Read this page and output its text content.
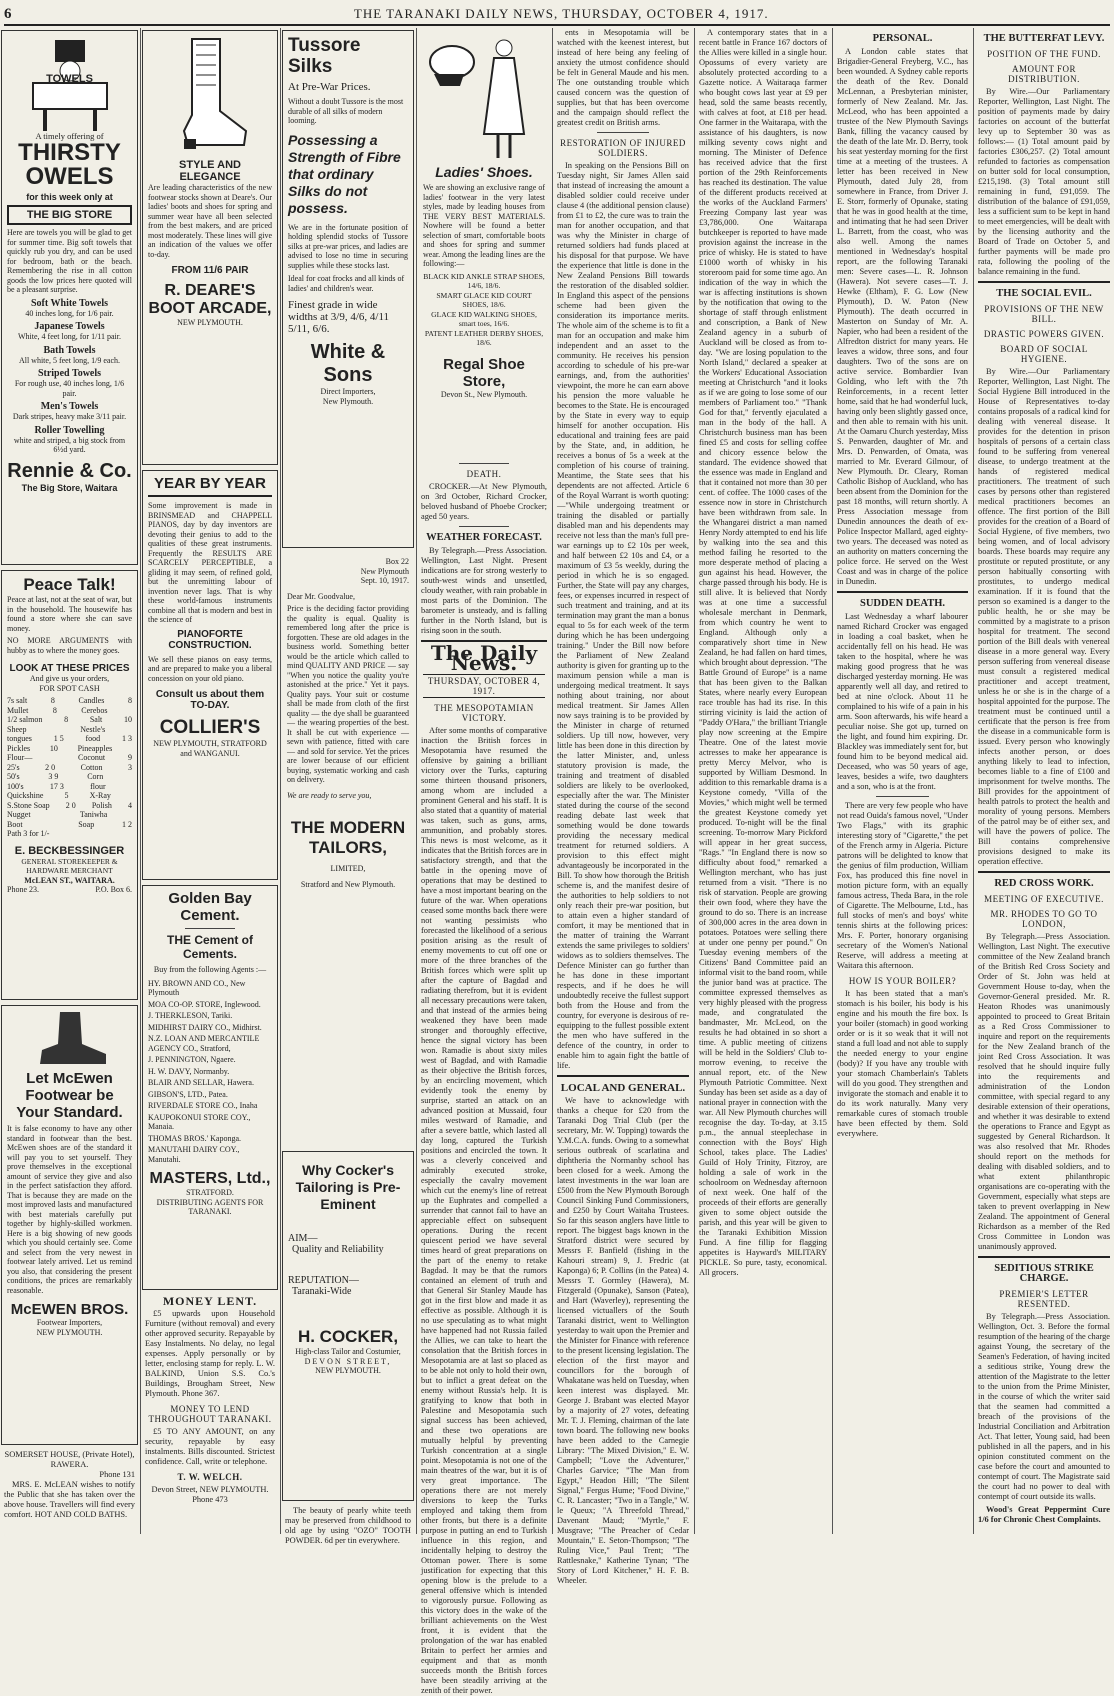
6	THE TARANAKI DAILY NEWS, THURSDAY, OCTOBER 4, 1917.
TOWELS
A timely offering of
THIRSTY
OWELS
for this week only at
THE BIG STORE
Here are towels you will be glad to get for summer time. Big soft towels that quickly rub you dry, and can be used for bedroom, bath or the beach. Remembering the rise in all cotton goods the low prices here quoted will be a pleasant surprise.
Soft White Towels
40 inches long, for 1/6 pair.
Japanese Towels
White, 4 feet long, for 1/11 pair.
Bath Towels
All white, 5 feet long, 1/9 each.
Striped Towels
For rough use, 40 inches long, 1/6 pair.
Men's Towels
Dark stripes, heavy make 3/11 pair.
Roller Towelling
white and striped, a big stock from 6½d yard.
Rennie & Co.
The Big Store, Waitara
Peace Talk!
Peace at last, not at the seat of war, but in the household. The housewife has found a store where she can save money.
NO MORE ARGUMENTS with hubby as to where the money goes.
LOOK AT THESE PRICES
And give us your orders,
FOR SPOT CASH
7s salt	8	Candles	8
Mullet	8	Cerebos
1/2 salmon	8	Salt	10
Sheep	Nestle's
tongues	1 5	food	1 3
Pickles 10 Pineapples
Flour—	Coconut	9
25's	2 0	Cotton	3
50's	3 9	Corn
100's	17 3	flour
Quickshine	5	X-Ray
S.Stone Soap 2 0 Polish 4
Nugget	Taniwha
Boot	Soap	1 2
Path 3 for 1/-
E. BECKBESSINGER
GENERAL STOREKEEPER & HARDWARE MERCHANT
McLEAN ST., WAITARA.
Phone 23.	P.O. Box 6.
Let McEwen Footwear be Your Standard.
It is false economy to have any other standard in footwear than the best. McEwen shoes are of the standard it will pay you to set yourself. They prove themselves in the exceptional amount of service they give and also in the perfect satisfaction they afford. That is because they are made on the most improved lasts and manufactured with best materials carefully put together by highly-skilled workmen. Here is a big showing of new goods which you should certainly see. Come and select from the very newest in footwear lately arrived. Let us remind you also, that considering the present conditions, the prices are remarkably reasonable.
McEWEN BROS.
Footwear Importers,
NEW PLYMOUTH.
SOMERSET HOUSE, (Private Hotel), RAWERA.
Phone 131

MRS. E. McLEAN wishes to notify the Public that she has taken over the above house. Travellers will find every comfort. HOT AND COLD BATHS.

STYLE AND ELEGANCE
Are leading characteristics of the new footwear stocks shown at Deare's. Our ladies' boots and shoes for spring and summer wear have all been selected from the best makers, and are priced most moderately. These lines will give an indication of the values we offer to-day.
FROM 11/6 PAIR
R. DEARE'S BOOT ARCADE,
NEW PLYMOUTH.
YEAR BY YEAR
Some improvement is made in BRINSMEAD and CHAPPELL PIANOS, day by day inventors are devoting their genius to add to the qualities of these great instruments. Frequently the RESULTS ARE SCARCELY PERCEPTIBLE, a gliding it may seem, of refined gold, but the unremitting labour of invention never lags. That is why these world-famous instruments combine all that is modern and best in the science of
PIANOFORTE CONSTRUCTION.
We sell these pianos on easy terms, and are prepared to make you a liberal concession on your old piano.
Consult us about them TO-DAY.
COLLIER'S
NEW PLYMOUTH, STRATFORD and WANGANUI.
Golden Bay Cement.
THE Cement of Cements.
Buy from the following Agents :—
HY. BROWN AND CO., New Plymouth
MOA CO-OP. STORE, Inglewood.
J. THERKLESON, Tariki.
MIDHIRST DAIRY CO., Midhirst.
N.Z. LOAN AND MERCANTILE AGENCY CO., Stratford,
J. PENNINGTON, Ngaere.
H. W. DAVY, Normanby.
BLAIR AND SELLAR, Hawera.
GIBSON'S, LTD., Patea.
RIVERDALE STORE CO., Inaha
KAUPOKONUI STORE COY., Manaia.
THOMAS BROS.' Kaponga.
MANUTAHI DAIRY COY., Manutahi.
MASTERS, Ltd.,
STRATFORD.
DISTRIBUTING AGENTS FOR TARANAKI.
MONEY LENT.

£5 upwards upon Household Furniture (without removal) and every other approved security. Repayable by Easy Instalments. No delay, no legal expenses. Apply personally or by letter, enclosing stamp for reply. L. W. BALKIND, Union S.S. Co.'s Buildings, Brougham Street, New Plymouth. Phone 367.

MONEY TO LEND THROUGHOUT TARANAKI.

£5 TO ANY AMOUNT, on any security, repayable by easy instalments. Bills discounted. Strictest confidence. Call, write or telephone.

T. W. WELCH.
Devon Street, NEW PLYMOUTH.
Phone 473
Tussore Silks
At Pre-War Prices.
Without a doubt Tussore is the most durable of all silks of modern looming.
Possessing a Strength of Fibre that ordinary Silks do not possess.
We are in the fortunate position of holding splendid stocks of Tussore silks at pre-war prices, and ladies are advised to lose no time in securing supplies while these stocks last.
Ideal for coat frocks and all kinds of ladies' and children's wear.
Finest grade in wide widths at 3/9, 4/6, 4/11 5/11, 6/6.
White & Sons
Direct Importers,
New Plymouth.
Box 22
New Plymouth
Sept. 10, 1917.
Dear Mr. Goodvalue,
Price is the deciding factor providing the quality is equal. Quality is remembered long after the price is forgotten. These are old adages in the business world. Something better would be the article which called to mind QUALITY AND PRICE — say "When you notice the quality you're astonished at the price." Yet it pays. Quality pays. Your suit or costume shall be made from cloth of the first quality — the dye shall be guaranteed — the wearing properties of the best. It shall be cut with experience — sewn with patience, fitted with care — and sold for service. Yet the prices are lower because of our efficient buying, systematic working and cash on delivery.
We are ready to serve you,
THE MODERN TAILORS,
LIMITED,
Stratford and New Plymouth.
Why Cocker's Tailoring is Pre-Eminent
AIM—
Quality and Reliability
REPUTATION—
Taranaki-Wide
H. COCKER,
High-class Tailor and Costumier,
DEVON STREET,
NEW PLYMOUTH.

The beauty of pearly white teeth may be preserved from childhood to old age by using "OZO" TOOTH POWDER. 6d per tin everywhere.

Ladies' Shoes.
We are showing an exclusive range of ladies' footwear in the very latest styles, made by leading houses from THE VERY BEST MATERIALS. Nowhere will be found a better selection of smart, comfortable boots and shoes for spring and summer wear. Among the leading lines are the following:—
BLACK KID ANKLE STRAP SHOES, 14/6, 18/6.
SMART GLACE KID COURT SHOES, 18/6.
GLACE KID WALKING SHOES, smart toes, 16/6.
PATENT LEATHER DERBY SHOES, 18/6.
Regal Shoe Store,
Devon St., New Plymouth.
DEATH.

CROCKER.—At New Plymouth, on 3rd October, Richard Crocker, beloved husband of Phoebe Crocker; aged 50 years.

WEATHER FORECAST.

By Telegraph.—Press Association. Wellington, Last Night. Present indications are for strong westerly to south-west winds and unsettled, cloudy weather, with rain probable in most parts of the Dominion. The barometer is unsteady, and is falling further in the North Island, but is rising soon in the south.

The Daily News.
THURSDAY, OCTOBER 4, 1917.
THE MESOPOTAMIAN VICTORY.

After some months of comparative inaction the British forces in Mesopotamia have resumed the offensive by gaining a brilliant victory over the Turks, capturing some thirteen thousand prisoners, among whom are included a prominent General and his staff. It is also stated that a quantity of material was taken, such as guns, arms, ammunition, and probably stores. This news is most welcome, as it indicates that the British forces are in satisfactory strength, and that the battle in the opening move of operations that may be destined to have a most important bearing on the future of the war. When operations ceased some months back there were not wanting pessimists who forecasted the likelihood of a serious position arising as the result of enemy movements to cut off one or more of the three branches of the British forces which were split up after the capture of Bagdad and radiating therefrom, but it is evident all necessary precautions were taken, and that instead of the armies being weakened they have been made stronger and thoroughly effective, hence the signal victory has been won. Ramadie is about sixty miles west of Bagdad, and with Ramadie as their objective the British forces, by an encircling movement, which evidently took the enemy by surprise, started an attack on an advanced position at Mussaid, four miles westward of Ramadie, and after a severe battle, which lasted all day long, captured the Turkish positions and encircled the town. It was a cleverly conceived and admirably executed stroke, especially the cavalry movement which cut the enemy's line of retreat up the Euphrates and compelled a surrender that cannot fail to have an appreciable effect on subsequent operations. During the recent quiescent period we have several times heard of great preparations on the part of the enemy to retake Bagdad. It may be that the rumors contained an element of truth and that General Sir Stanley Maude has got in the first blow and made it as effective as possible. Although it is no use speculating as to what might have happened had not Russia failed the Allies, we can take to heart the consolation that the British forces in Mesopotamia are at last so placed as to be able not only to hold their own, but to inflict a great defeat on the enemy without Russia's help. It is gratifying to know that both in Palestine and Mesopotamia such signal success has been achieved, and these two operations are mutually helpful by preventing Turkish concentration at a single point. Mesopotamia is not one of the main theatres of the war, but it is of very great importance. The operations there are not merely diversions to keep the Turks employed and taking them from other fronts, but there is a definite purpose in putting an end to Turkish influence in this region, and incidentally helping to destroy the Ottoman power. There is some justification for expecting that this opening blow is the prelude to a general offensive which is intended to vigorously pursue. Following as this victory does in the wake of the brilliant achievements on the West front, it is evident that the prolongation of the war has enabled Britain to perfect her armies and equipment and that as month succeeds month the British forces have been steadily arriving at the zenith of their power.

ents in Mesopotamia will be watched with the keenest interest, but instead of here being any feeling of anxiety the utmost confidence should be felt in General Maude and his men. The one outstanding trouble which caused concern was the question of supplies, but that has been overcome and the campaign should reflect the greatest credit on British arms.

RESTORATION OF INJURED SOLDIERS.

In speaking on the Pensions Bill on Tuesday night, Sir James Allen said that instead of increasing the amount a disabled soldier could receive under clause 4 (the additional pension clause) from £1 to £2, the cure was to train the man for another occupation, and that was why the Minister in charge of returned soldiers had funds placed at his disposal for that purpose. We have the experience that little is done in the New Zealand Pensions Bill towards the restoration of the disabled soldier. In England this aspect of the pensions scheme had been given the consideration its importance merits. The whole aim of the scheme is to fit a man for an occupation and make him independent and an asset to the community. He receives his pension according to schedule of his pre-war earnings, and, from the authorities' viewpoint, the more he can earn above his pension the more valuable he becomes to the State. He is encouraged by the State in every way to equip himself for another occupation. His educational and training fees are paid by the State, and, in addition, he receives a bonus of 5s a week at the completion of his course of training. Meantime, the State sees that his dependents are not affected. Article 6 of the Royal Warrant is worth quoting:—"While undergoing treatment or training the disabled or partially disabled man and his dependents may receive not less than the man's full pre-war earnings up to £2 10s per week, and half between £2 10s and £4, or a maximum of £3 5s weekly, during the period in which he is so engaged. Further, the State will pay any charges, fees, or expenses incurred in respect of such treatment and training, and at its termination may grant the man a bonus equal to 5s for each week of the term during which he has been undergoing training." Under the Bill now before the Parliament of New Zealand authority is given for granting up to the maximum pension while a man is undergoing medical treatment. It says nothing about training, nor about medical treatment. Sir James Allen now says training is to be provided by the Minister in charge of returned soldiers. Up till now, however, very little has been done in this direction by the latter Minister, and, unless statutory provision is made, the training and treatment of disabled soldiers are likely to be overlooked, especially after the war. The Minister stated during the course of the second reading debate last week that something would be done towards providing the necessary medical treatment for returned soldiers. A provision to this effect might advantageously be incorporated in the Bill. To show how thorough the British scheme is, and the manifest desire of the authorities to help soldiers to not only reach their pre-war position, but to attain even a higher standard of comfort, it may be mentioned that in the matter of training the Warrant extends the same privileges to soldiers' widows as to soldiers themselves. The Defence Minister can go further than he has done in these important respects, and if he does he will undoubtedly receive the fullest support both from the House and from the country, for everyone is desirous of re-equipping to the fullest possible extent the men who have suffered in the defence of the country, in order to enable him to again fight the battle of life.

LOCAL AND GENERAL.

We have to acknowledge with thanks a cheque for £20 from the Taranaki Dog Trial Club (per the secretary, Mr. W. Topping) towards the Y.M.C.A. funds. Owing to a somewhat serious outbreak of scarlatina and diphtheria the Normanby school has been closed for a week. Among the latest investments in the war loan are £500 from the New Plymouth Borough Council Sinking Fund Commissioners, and £250 by Court Waitaha Trustees. So far this season anglers have little to report. The biggest bags known in the Stratford district were secured by Messrs F. Banfield (fishing in the Kahouri stream) 9, J. Fredric (at Kaponga) 6; P. Collins (in the Patea) 4. Messrs T. Gormley (Hawera), M. Fitzgerald (Opunake), Sanson (Patea), and Hart (Waverley), representing the licensed victuallers of the South Taranaki district, went to Wellington yesterday to wait upon the Premier and the Minister for Finance with reference to the present licensing legislation. The election of the first mayor and councillors for the borough of Whakatane was held on Tuesday, when keen interest was displayed. Mr. George J. Brabant was elected Mayor by a majority of 27 votes, defeating Mr. T. J. Fleming, chairman of the late town board. The following new books have been added to the Carnegie Library: "The Mixed Division," E. W. Campbell; "Love the Adventurer," Charles Garvice; "The Man from Egypt," Headon Hill; "The Silent Signal," Fergus Hume; "Food Divine," C. R. Lancaster; "Two in a Tangle," W. le Queux; "A Threefold Thread," Davenant Maud; "Myrtle," F. Musgrave; "The Preacher of Cedar Mountain," E. Seton-Thompson; "The Ruling Vice," Paul Trent; "The Rattlesnake," Katherine Tynan; "The Story of Lord Kitchener," H. F. B. Wheeler.

A contemporary states that in a recent battle in France 167 doctors of the Allies were killed in a single hour. Opossums of every variety are absolutely protected according to a Gazette notice. A Waitaraqa farmer who bought cows last year at £9 per head, sold the same beasts recently, with calves at foot, at £18 per head. One farmer in the Waitarapa, with the assistance of his daughters, is now milking seventy cows night and morning. The Minister of Defence has received advice that the first portion of the 29th Reinforcements has reached its destination. The value of the different products received at the works of the Auckland Farmers' Freezing Company last year was £3,786,000. One Waitarapa butchkeeper is reported to have made provision against the increase in the price of whisky. He is stated to have £1000 worth of whisky in his storeroom paid for some time ago. An indication of the way in which the war is affecting institutions is shown by the notification that owing to the shortage of staff through enlistment and conscription, a Bank of New Zealand agency in a suburb of Auckland will be closed as from to-day. "We are losing population to the North Island," declared a speaker at the Workers' Educational Association meeting at Christchurch "and it looks as if we are going to lose some of our members of Parliament too." "Thank God for that," fervently ejaculated a man in the body of the hall. A Christchurch business man has been fined £5 and costs for selling coffee and chicory essence below the standard. The evidence showed that the essence was made in England and that it contained not more than 30 per cent. of coffee. The 1000 cases of the essence now in store in Christchurch have been withdrawn from sale. In the Whangarei district a man named Henry Nordy attempted to end his life by walking into the sea and this method failing he resorted to the more desperate method of placing a gun against his head. However, the charge passed through his body. He is still alive. It is believed that Nordy was at one time a successful wholesale merchant in Denmark, from which country he went to England. Although only a comparatively short time in New Zealand, he had fallen on hard times, which brought about depression. "The Battle Ground of Europe" is a name that has been given to the Balkan States, where nearly every European race trouble has had its rise. In this stirring vicinity is laid the action of "Paddy O'Hara," the brilliant Triangle play now screening at the Empire Theatre. One of the latest movie actresses to make her appearance is pretty Mercy Melvor, who is supported by William Desmond. In addition to this remarkable drama is a Keystone comedy, "Villa of the Movies," which might well be termed the greatest Keystone comedy yet produced. To-night will be the final screening. To-morrow Mary Pickford will appear in her great success, "Rags." "In England there is now so difficulty about food," remarked a Wellington merchant, who has just returned from a visit. "There is no risk of starvation. People are growing their own food, where they have the ground to do so. There is an increase of 300,000 acres in the area down in potatoes. Potatoes were selling there at under one penny per pound." On Tuesday evening members of the Citizens' Band Committee paid an informal visit to the band room, while the junior band was at practice. The committee expressed themselves as very highly pleased with the progress made, and congratulated the bandmaster, Mr. McLeod, on the results he had obtained in so short a time. A public meeting of citizens will be held in the Soldiers' Club to-morrow evening, to receive the annual report, etc. of the New Plymouth Patriotic Committee. Next Sunday has been set aside as a day of national prayer in connection with the war. All New Plymouth churches will recognise the day. To-day, at 3.15 p.m., the annual steeplechase in connection with the Boys' High School, takes place. The Ladies' Guild of Holy Trinity, Fitzroy, are holding a sale of work in the schoolroom on Wednesday afternoon of next week. One half of the proceeds of their efforts are generally given to some object outside the parish, and this year will be given to the Taranaki Exhibition Mission Fund. A fine fillip for flagging appetites is Hayward's MILITARY PICKLE. So pure, tasty, economical. All grocers.

PERSONAL.

A London cable states that Brigadier-General Freyberg, V.C., has been wounded. A Sydney cable reports the death of the Rev. Donald McLennan, a Presbyterian minister, formerly of New Zealand. Mr. Jas. McLeod, who has been appointed a trustee of the New Plymouth Savings Bank, filling the vacancy caused by the death of the late Mr. D. Berry, took his seat yesterday morning for the first time at a meeting of the trustees. A letter has been received in New Plymouth, dated July 28, from somewhere in France, from Driver J. E. Storr, formerly of Opunake, stating that he was in good health at the time, and intimating that he had seen Driver L. Barrett, from the coast, who was also well. Among the names mentioned in Wednesday's hospital report, are the following Taranaki men: Severe cases—L. R. Johnson (Hawera). Not severe cases—T. J. Hewke (Eltham), F. G. Low (New Plymouth), D. W. Paton (New Plymouth). The death occurred in Masterton on Sunday of Mr. A. Napier, who had been a resident of the Alfredton district for many years. He leaves a widow, three sons, and four daughters. Two of the sons are on active service. Bombardier Ivan Golding, who left with the 7th Reinforcements, in a recent letter home, said that he had wonderful luck, having only been slightly gassed once, and then able to remain with his unit. At the Oamaru Church yesterday, Miss S. Penwarden, daughter of Mr. and Mrs. D. Penwarden, of Omata, was married to Mr. Everard Gilmour, of New Plymouth. Dr. Cleary, Roman Catholic Bishop of Auckland, who has been absent from the Dominion for the past 18 months, will return shortly. A Press Association message from Dunedin announces the death of ex-Police Inspector Mallard, aged eighty-two years. The deceased was noted as an authority on matters concerning the police force. He served on the West Coast and was in charge of the police in Dunedin.

SUDDEN DEATH.

Last Wednesday a wharf labourer named Richard Crocker was engaged in loading a coal basket, when he accidentally fell on his head. He was taken to the hospital, where he was making good progress that he was discharged yesterday morning. He was apparently well all day, and retired to bed at nine o'clock. About 11 he complained to his wife of a pain in his arm. Soon afterwards, his wife heard a peculiar noise. She got up, turned on the light, and found him expiring. Dr. Blackley was immediately sent for, but found him to be beyond medical aid. Deceased, who was 50 years of age, leaves, besides a wife, two daughters and a son, who is at the front.

There are very few people who have not read Ouida's famous novel, "Under Two Flags," with its graphic interesting story of "Cigarette," the pet of the French army in Algeria. Picture patrons will be delighted to know that the genius of film production, William Fox, has produced this fine novel in motion picture form, with an equally famous actress, Theda Bara, in the role of Cigarette. The Melbourne, Ltd., has full stocks of men's and boys' white tennis shirts at the following prices: Mrs. F. Porter, honorary organising secretary of the Women's National Reserve, will address a meeting at Waitara this afternoon.

HOW IS YOUR BOILER?

It has been stated that a man's stomach is his boiler, his body is his engine and his mouth the fire box. Is your boiler (stomach) in good working order or is it so weak that it will not stand a full load and not able to supply the needed energy to your engine (body)? If you have any trouble with your stomach Chamberlain's Tablets will do you good. They strengthen and invigorate the stomach and enable it to do its work naturally. Many very remarkable cures of stomach trouble have been effected by them. Sold everywhere.

THE BUTTERFAT LEVY.
POSITION OF THE FUND.
AMOUNT FOR DISTRIBUTION.

By Wire.—Our Parliamentary Reporter, Wellington, Last Night. The position of payments made by dairy factories on account of the butterfat levy up to September 30 was as follows:— (1) Total amount paid by factories £306,257. (2) Total amount refunded to factories as compensation on butter sold for local consumption, £215,198. (3) Total amount still remaining in fund, £91,059. The distribution of the balance of £91,059, less a sufficient sum to be kept in hand to meet emergencies, will be dealt with by the licensing authority and the Board of Trade on October 5, and further payments will be made pro rata, following the pooling of the balance remaining in the fund.

THE SOCIAL EVIL.
PROVISIONS OF THE NEW BILL.
DRASTIC POWERS GIVEN.
BOARD OF SOCIAL HYGIENE.

By Wire.—Our Parliamentary Reporter, Wellington, Last Night. The Social Hygiene Bill introduced in the House of Representatives to-day contains proposals of a radical kind for dealing with venereal disease. It provides for the detention in prison hospitals of persons of a certain class found to be suffering from venereal disease, to undergo treatment at the hands of registered medical practitioners. The treatment of such cases by persons other than registered medical practitioners becomes an offence. The first portion of the Bill provides for the creation of a Board of Social Hygiene, of five members, two being women, and of local advisory boards. These boards may require any prostitute or reputed prostitute, or any person habitually consorting with prostitutes, to undergo medical examination. If it is found that the person so examined is a danger to the public health, he or she may be committed by a magistrate to a prison hospital for treatment. The second portion of the Bill deals with venereal disease in a more general way. Every person suffering from venereal disease must consult a registered medical practitioner and accept treatment, unless he or she is in the charge of a hospital appointed for the purpose. The treatment must be continued until a certificate that the person is free from the disease in a communicable form is issued. Every person who knowingly infects another person, or does anything likely to lead to infection, becomes liable to a fine of £100 and imprisonment for twelve months. The Bill provides for the appointment of health patrols to protect the health and morality of young persons. Members of the patrol may be of either sex, and will have the powers of police. The Bill contains comprehensive provisions designed to make its operation effective.

RED CROSS WORK.
MEETING OF EXECUTIVE.
MR. RHODES TO GO TO LONDON,

By Telegraph.—Press Association. Wellington, Last Night. The executive committee of the New Zealand branch of the British Red Cross Society and Order of St. John was held at Government House to-day, when the Governor-General presided. Mr. R. Heaton Rhodes was unanimously appointed to proceed to Great Britain as a Red Cross Commissioner to inquire and report on the requirements for the New Zealand branch of the joint Red Cross Association. It was resolved that he should inquire fully into the requirements and administration of the London committee, with special regard to any desirable extension of their operations, and whether it was desirable to extend the operations to France and Egypt as suggested by General Richardson. It was also resolved that Mr. Rhodes should report on the methods for dealing with disabled soldiers, and to what extent philanthropic organisations are co-operating with the Government, especially what steps are taken to prevent overlapping in New Zealand. The appointment of General Richardson as a member of the Red Cross Committee in London was unanimously approved.

SEDITIOUS STRIKE CHARGE.
PREMIER'S LETTER RESENTED.

By Telegraph.—Press Association. Wellington, Oct. 3. Before the formal resumption of the hearing of the charge against Young, the secretary of the Seamen's Federation, of having incited a seditious strike, Young drew the attention of the Magistrate to the letter to the union from the Prime Minister, in the course of which the writer said that the seamen had committed a breach of the provisions of the Industrial Conciliation and Arbitration Act. That letter, Young said, had been published in all the papers, and in his opinion constituted comment on the case before the court and amounted to contempt of court. The Magistrate said the court had no power to deal with contempt of court outside its walls.

Wood's Great Peppermint Cure 1/6 for Chronic Chest Complaints.
